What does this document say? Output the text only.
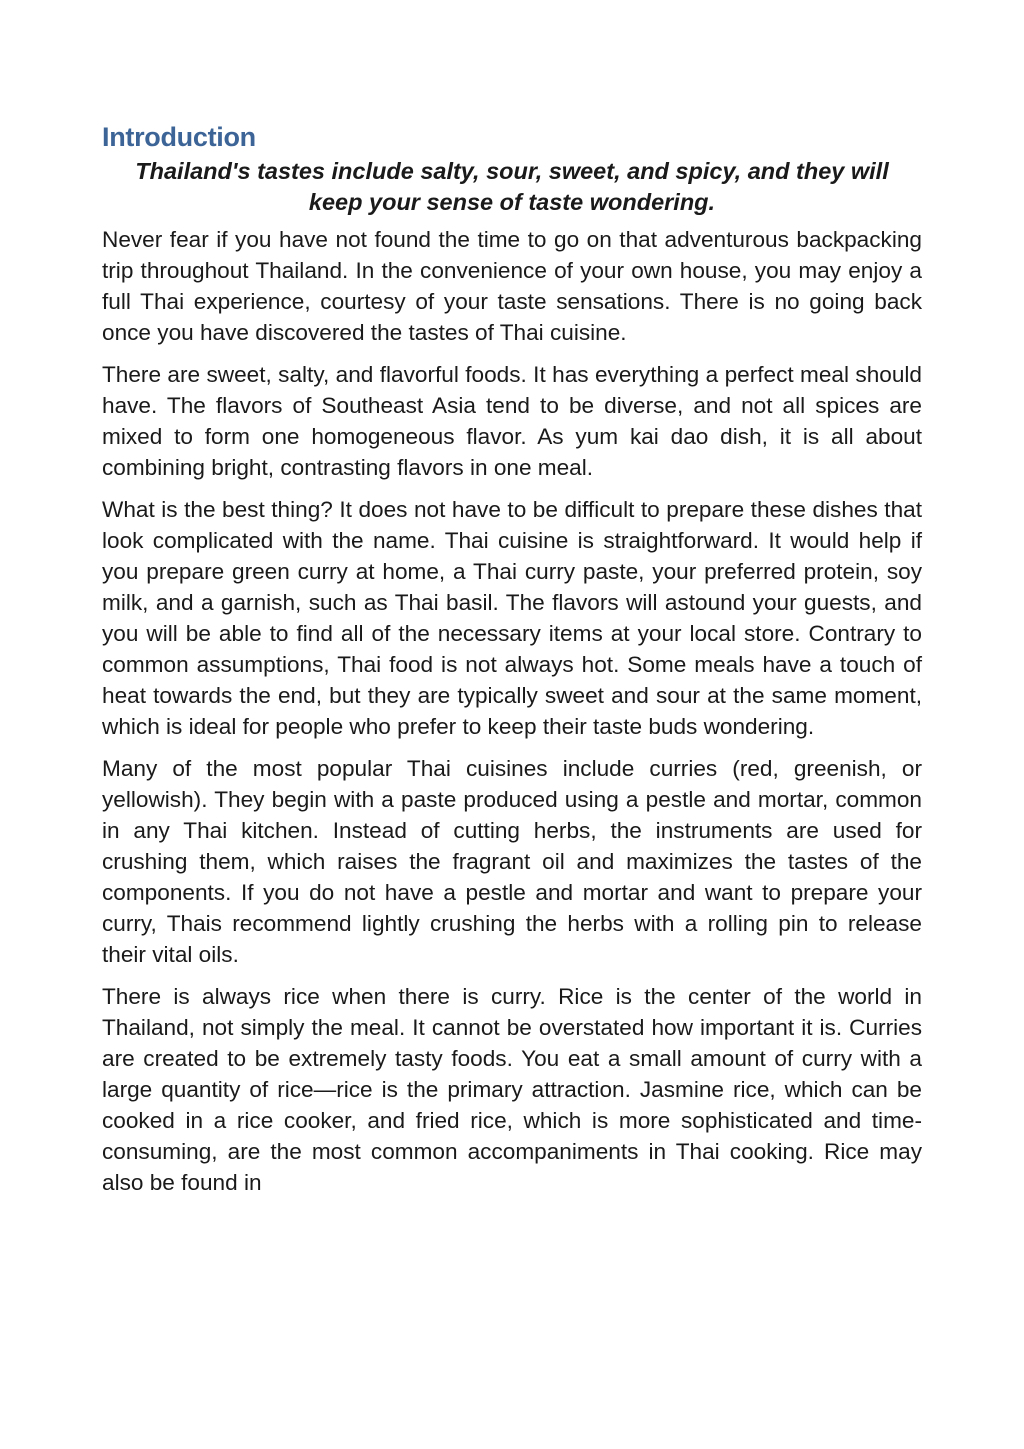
Introduction

Thailand's tastes include salty, sour, sweet, and spicy, and they will keep your sense of taste wondering.

Never fear if you have not found the time to go on that adventurous backpacking trip throughout Thailand. In the convenience of your own house, you may enjoy a full Thai experience, courtesy of your taste sensations. There is no going back once you have discovered the tastes of Thai cuisine.

There are sweet, salty, and flavorful foods. It has everything a perfect meal should have. The flavors of Southeast Asia tend to be diverse, and not all spices are mixed to form one homogeneous flavor. As yum kai dao dish, it is all about combining bright, contrasting flavors in one meal.

What is the best thing? It does not have to be difficult to prepare these dishes that look complicated with the name. Thai cuisine is straightforward. It would help if you prepare green curry at home, a Thai curry paste, your preferred protein, soy milk, and a garnish, such as Thai basil. The flavors will astound your guests, and you will be able to find all of the necessary items at your local store. Contrary to common assumptions, Thai food is not always hot. Some meals have a touch of heat towards the end, but they are typically sweet and sour at the same moment, which is ideal for people who prefer to keep their taste buds wondering.

Many of the most popular Thai cuisines include curries (red, greenish, or yellowish). They begin with a paste produced using a pestle and mortar, common in any Thai kitchen. Instead of cutting herbs, the instruments are used for crushing them, which raises the fragrant oil and maximizes the tastes of the components. If you do not have a pestle and mortar and want to prepare your curry, Thais recommend lightly crushing the herbs with a rolling pin to release their vital oils.

There is always rice when there is curry. Rice is the center of the world in Thailand, not simply the meal. It cannot be overstated how important it is. Curries are created to be extremely tasty foods. You eat a small amount of curry with a large quantity of rice—rice is the primary attraction. Jasmine rice, which can be cooked in a rice cooker, and fried rice, which is more sophisticated and time-consuming, are the most common accompaniments in Thai cooking. Rice may also be found in
